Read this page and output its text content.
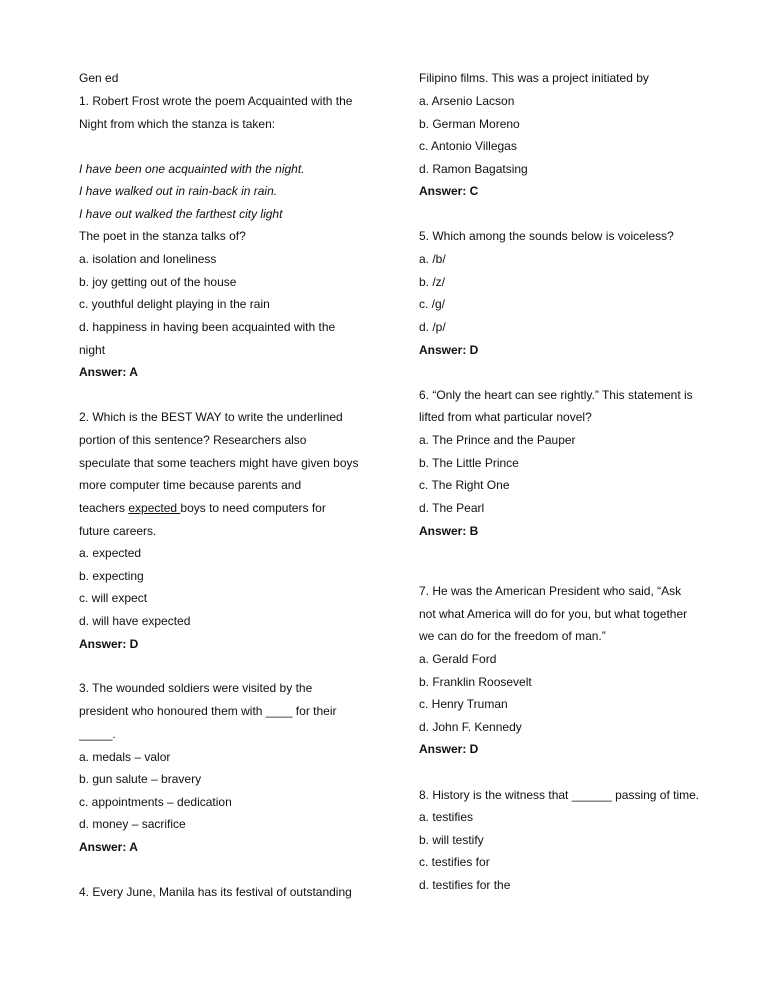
Gen ed
1. Robert Frost wrote the poem Acquainted with the
Night from which the stanza is taken:
I have been one acquainted with the night.
I have walked out in rain-back in rain.
I have out walked the farthest city light
The poet in the stanza talks of?
a. isolation and loneliness
b. joy getting out of the house
c. youthful delight playing in the rain
d. happiness in having been acquainted with the
night
Answer: A
2. Which is the BEST WAY to write the underlined
portion of this sentence? Researchers also
speculate that some teachers might have given boys
more computer time because parents and
teachers expected boys to need computers for
future careers.
a. expected
b. expecting
c. will expect
d. will have expected
Answer: D
3. The wounded soldiers were visited by the
president who honoured them with ____ for their
_____.
a. medals – valor
b. gun salute – bravery
c. appointments – dedication
d. money – sacrifice
Answer: A
4. Every June, Manila has its festival of outstanding
Filipino films. This was a project initiated by
a. Arsenio Lacson
b. German Moreno
c. Antonio Villegas
d. Ramon Bagatsing
Answer: C
5. Which among the sounds below is voiceless?
a. /b/
b. /z/
c. /g/
d. /p/
Answer: D
6. “Only the heart can see rightly.” This statement is
lifted from what particular novel?
a. The Prince and the Pauper
b. The Little Prince
c. The Right One
d. The Pearl
Answer: B
7. He was the American President who said, “Ask
not what America will do for you, but what together
we can do for the freedom of man.”
a. Gerald Ford
b. Franklin Roosevelt
c. Henry Truman
d. John F. Kennedy
Answer: D
8. History is the witness that ______ passing of time.
a. testifies
b. will testify
c. testifies for
d. testifies for the
